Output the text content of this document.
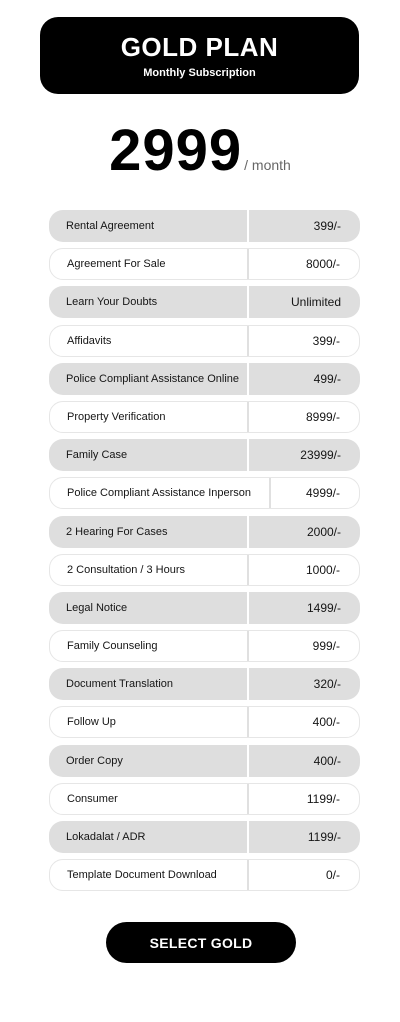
GOLD PLAN
Monthly Subscription
2999 / month
Rental Agreement	399/-
Agreement For Sale	8000/-
Learn Your Doubts	Unlimited
Affidavits	399/-
Police Compliant Assistance Online	499/-
Property Verification	8999/-
Family Case	23999/-
Police Compliant Assistance Inperson	4999/-
2 Hearing For Cases	2000/-
2 Consultation / 3 Hours	1000/-
Legal Notice	1499/-
Family Counseling	999/-
Document Translation	320/-
Follow Up	400/-
Order Copy	400/-
Consumer	1199/-
Lokadalat / ADR	1199/-
Template Document Download	0/-
SELECT GOLD
